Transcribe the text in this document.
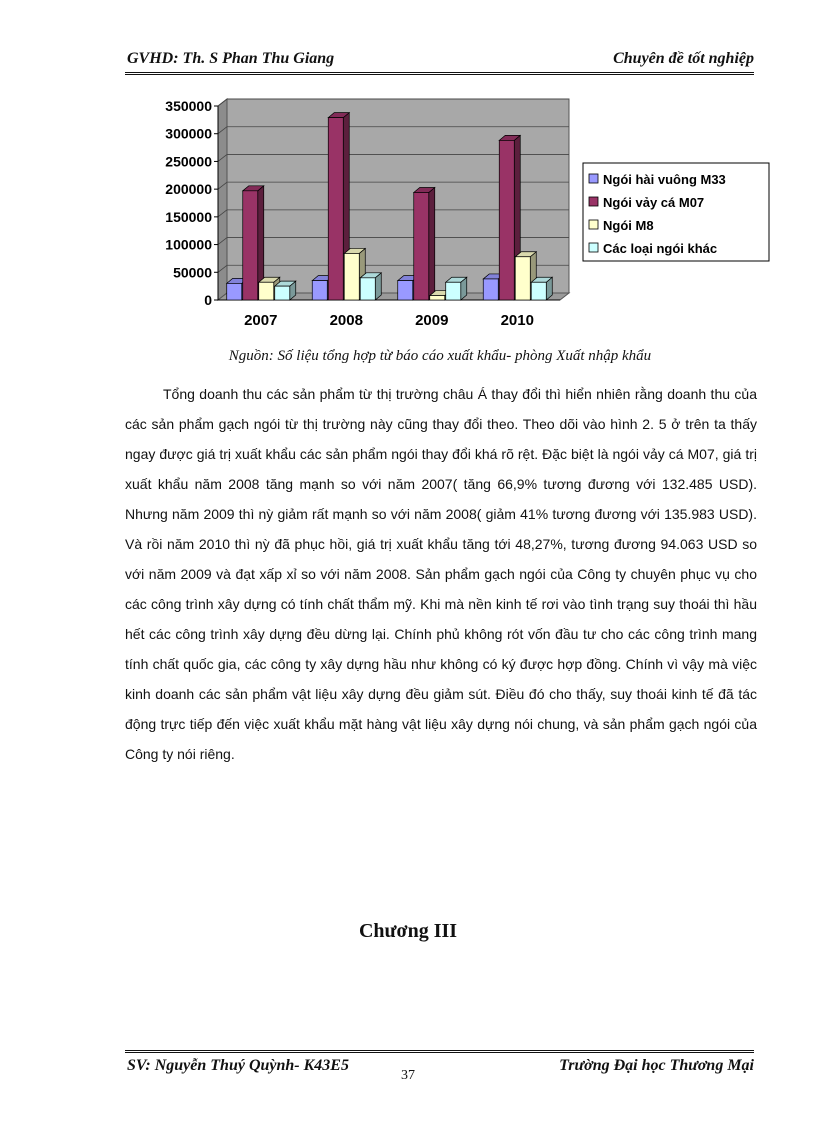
GVHD: Th. S Phan Thu Giang	Chuyên đề tốt nghiệp
0
50000
100000
150000
200000
250000
300000
350000
2007	2008	2009	2010
Ngói hài vuông M33
Ngói vảy cá M07
Ngói M8
Các loại ngói khác
Nguồn: Số liệu tổng hợp từ báo cáo xuất khẩu- phòng Xuất nhập khẩu

Tổng doanh thu các sản phẩm từ thị trường châu Á thay đổi thì hiển nhiên rằng doanh thu của các sản phẩm gạch ngói từ thị trường này cũng thay đổi theo. Theo dõi vào hình 2. 5 ở trên ta thấy ngay được giá trị xuất khẩu các sản phẩm ngói thay đổi khá rõ rệt. Đặc biệt là ngói vảy cá M07, giá trị xuất khẩu năm 2008 tăng mạnh so với năm 2007( tăng 66,9% tương đương với 132.485 USD). Nhưng năm 2009 thì nỳ giảm rất mạnh so với năm 2008( giảm 41% tương đương với 135.983 USD). Và rồi năm 2010 thì nỳ đã phục hồi, giá trị xuất khẩu tăng tới 48,27%, tương đương 94.063 USD so với năm 2009 và đạt xấp xỉ so với năm 2008. Sản phẩm gạch ngói của Công ty chuyên phục vụ cho các công trình xây dựng có tính chất thẩm mỹ. Khi mà nền kinh tế rơi vào tình trạng suy thoái thì hầu hết các công trình xây dựng đều dừng lại. Chính phủ không rót vốn đầu tư cho các công trình mang tính chất quốc gia, các công ty xây dựng hầu như không có ký được hợp đồng. Chính vì vậy mà việc kinh doanh các sản phẩm vật liệu xây dựng đều giảm sút. Điều đó cho thấy, suy thoái kinh tế đã tác động trực tiếp đến việc xuất khẩu mặt hàng vật liệu xây dựng nói chung, và sản phẩm gạch ngói của Công ty nói riêng.

Chương III
SV: Nguyễn Thuý Quỳnh- K43E5	Trường Đại học Thương Mại
37
